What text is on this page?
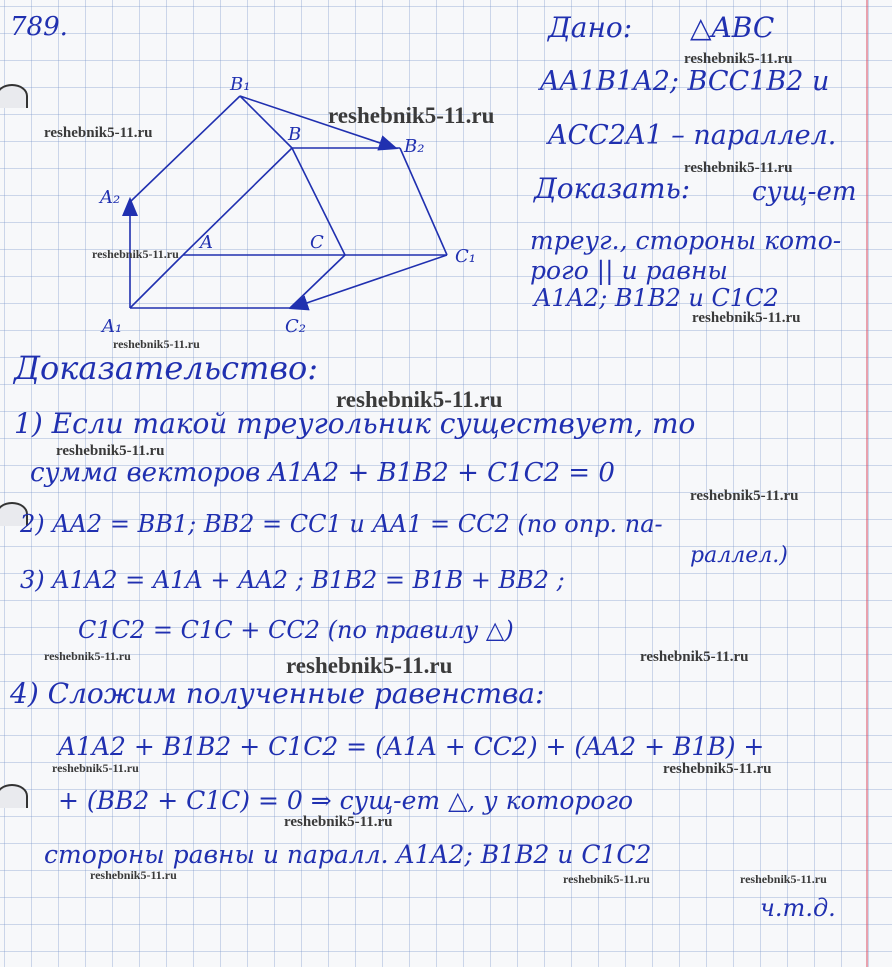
B₁
B
B₂
A₂
A	C
C₁
A₁	C₂
789.	Дано: △ABC
AA1B1A2; BCC1B2 и
ACC2A1 – параллел.
Доказать: сущ-ет
треуг., стороны кото-
рого || и равны
A1A2; B1B2 и C1C2
Доказательство:
1) Если такой треугольник существует, то
сумма векторов A1A2 + B1B2 + C1C2 = 0
2) AA2 = BB1; BB2 = CC1 и AA1 = CC2 (по опр. па-
раллел.)
3) A1A2 = A1A + AA2 ; B1B2 = B1B + BB2 ;
C1C2 = C1C + CC2 (по правилу △)
4) Сложим полученные равенства:
A1A2 + B1B2 + C1C2 = (A1A + CC2) + (AA2 + B1B) +
+ (BB2 + C1C) = 0 ⇒ сущ-ет △, у которого
стороны равны и паралл. A1A2; B1B2 и C1C2
ч.т.д.
reshebnik5-11.ru
reshebnik5-11.ru
reshebnik5-11.ru
reshebnik5-11.ru
reshebnik5-11.ru
reshebnik5-11.ru
reshebnik5-11.ru
reshebnik5-11.ru
reshebnik5-11.ru
reshebnik5-11.ru
reshebnik5-11.ru
reshebnik5-11.ru
reshebnik5-11.ru
reshebnik5-11.ru
reshebnik5-11.ru
reshebnik5-11.ru
reshebnik5-11.ru	reshebnik5-11.ru	reshebnik5-11.ru
